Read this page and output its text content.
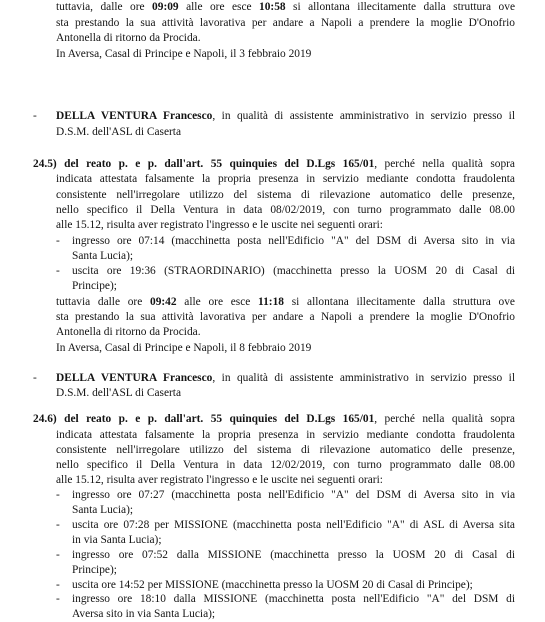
tuttavia, dalle ore 09:09 alle ore esce 10:58 si allontana illecitamente dalla struttura ove
sta prestando la sua attività lavorativa per andare a Napoli a prendere la moglie D'Onofrio
Antonella di ritorno da Procida.
In Aversa, Casal di Principe e Napoli, il 3 febbraio 2019
- DELLA VENTURA Francesco, in qualità di assistente amministrativo in servizio presso il
D.S.M. dell'ASL di Caserta
24.5) del reato p. e p. dall'art. 55 quinquies del D.Lgs 165/01, perché nella qualità sopra
indicata attestata falsamente la propria presenza in servizio mediante condotta fraudolenta
consistente nell'irregolare utilizzo del sistema di rilevazione automatico delle presenze,
nello specifico il Della Ventura in data 08/02/2019, con turno programmato dalle 08.00
alle 15.12, risulta aver registrato l'ingresso e le uscite nei seguenti orari:
- ingresso ore 07:14 (macchinetta posta nell'Edificio "A" del DSM di Aversa sito in via
Santa Lucia);
- uscita ore 19:36 (STRAORDINARIO) (macchinetta presso la UOSM 20 di Casal di
Principe);
tuttavia dalle ore 09:42 alle ore esce 11:18 si allontana illecitamente dalla struttura ove
sta prestando la sua attività lavorativa per andare a Napoli a prendere la moglie D'Onofrio
Antonella di ritorno da Procida.
In Aversa, Casal di Principe e Napoli, il 8 febbraio 2019
- DELLA VENTURA Francesco, in qualità di assistente amministrativo in servizio presso il
D.S.M. dell'ASL di Caserta
24.6) del reato p. e p. dall'art. 55 quinquies del D.Lgs 165/01, perché nella qualità sopra
indicata attestata falsamente la propria presenza in servizio mediante condotta fraudolenta
consistente nell'irregolare utilizzo del sistema di rilevazione automatico delle presenze,
nello specifico il Della Ventura in data 12/02/2019, con turno programmato dalle 08.00
alle 15.12, risulta aver registrato l'ingresso e le uscite nei seguenti orari:
- ingresso ore 07:27 (macchinetta posta nell'Edificio "A" del DSM di Aversa sito in via
Santa Lucia);
- uscita ore 07:28 per MISSIONE (macchinetta posta nell'Edificio "A" di ASL di Aversa sita
in via Santa Lucia);
- ingresso ore 07:52 dalla MISSIONE (macchinetta presso la UOSM 20 di Casal di
Principe);
- uscita ore 14:52 per MISSIONE (macchinetta presso la UOSM 20 di Casal di Principe);
- ingresso ore 18:10 dalla MISSIONE (macchinetta posta nell'Edificio "A" del DSM di
Aversa sito in via Santa Lucia);
